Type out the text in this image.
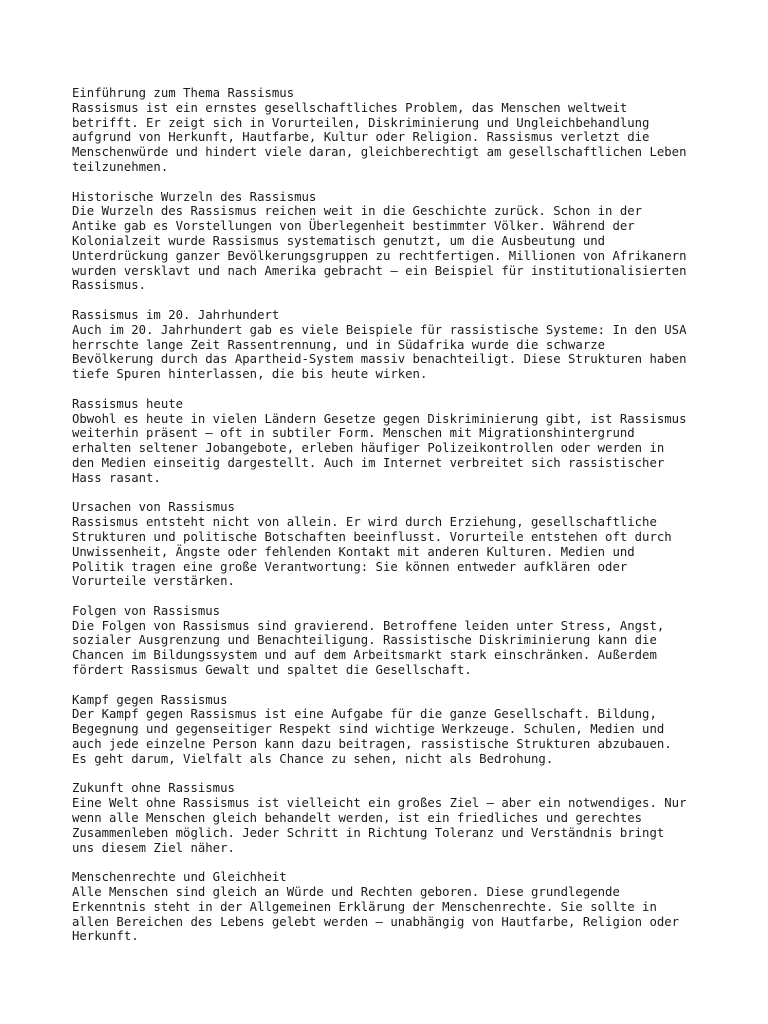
Einführung zum Thema Rassismus
Rassismus ist ein ernstes gesellschaftliches Problem, das Menschen weltweit
betrifft. Er zeigt sich in Vorurteilen, Diskriminierung und Ungleichbehandlung
aufgrund von Herkunft, Hautfarbe, Kultur oder Religion. Rassismus verletzt die
Menschenwürde und hindert viele daran, gleichberechtigt am gesellschaftlichen Leben
teilzunehmen.
Historische Wurzeln des Rassismus
Die Wurzeln des Rassismus reichen weit in die Geschichte zurück. Schon in der
Antike gab es Vorstellungen von Überlegenheit bestimmter Völker. Während der
Kolonialzeit wurde Rassismus systematisch genutzt, um die Ausbeutung und
Unterdrückung ganzer Bevölkerungsgruppen zu rechtfertigen. Millionen von Afrikanern
wurden versklavt und nach Amerika gebracht – ein Beispiel für institutionalisierten
Rassismus.
Rassismus im 20. Jahrhundert
Auch im 20. Jahrhundert gab es viele Beispiele für rassistische Systeme: In den USA
herrschte lange Zeit Rassentrennung, und in Südafrika wurde die schwarze
Bevölkerung durch das Apartheid-System massiv benachteiligt. Diese Strukturen haben
tiefe Spuren hinterlassen, die bis heute wirken.
Rassismus heute
Obwohl es heute in vielen Ländern Gesetze gegen Diskriminierung gibt, ist Rassismus
weiterhin präsent – oft in subtiler Form. Menschen mit Migrationshintergrund
erhalten seltener Jobangebote, erleben häufiger Polizeikontrollen oder werden in
den Medien einseitig dargestellt. Auch im Internet verbreitet sich rassistischer
Hass rasant.
Ursachen von Rassismus
Rassismus entsteht nicht von allein. Er wird durch Erziehung, gesellschaftliche
Strukturen und politische Botschaften beeinflusst. Vorurteile entstehen oft durch
Unwissenheit, Ängste oder fehlenden Kontakt mit anderen Kulturen. Medien und
Politik tragen eine große Verantwortung: Sie können entweder aufklären oder
Vorurteile verstärken.
Folgen von Rassismus
Die Folgen von Rassismus sind gravierend. Betroffene leiden unter Stress, Angst,
sozialer Ausgrenzung und Benachteiligung. Rassistische Diskriminierung kann die
Chancen im Bildungssystem und auf dem Arbeitsmarkt stark einschränken. Außerdem
fördert Rassismus Gewalt und spaltet die Gesellschaft.
Kampf gegen Rassismus
Der Kampf gegen Rassismus ist eine Aufgabe für die ganze Gesellschaft. Bildung,
Begegnung und gegenseitiger Respekt sind wichtige Werkzeuge. Schulen, Medien und
auch jede einzelne Person kann dazu beitragen, rassistische Strukturen abzubauen.
Es geht darum, Vielfalt als Chance zu sehen, nicht als Bedrohung.
Zukunft ohne Rassismus
Eine Welt ohne Rassismus ist vielleicht ein großes Ziel – aber ein notwendiges. Nur
wenn alle Menschen gleich behandelt werden, ist ein friedliches und gerechtes
Zusammenleben möglich. Jeder Schritt in Richtung Toleranz und Verständnis bringt
uns diesem Ziel näher.
Menschenrechte und Gleichheit
Alle Menschen sind gleich an Würde und Rechten geboren. Diese grundlegende
Erkenntnis steht in der Allgemeinen Erklärung der Menschenrechte. Sie sollte in
allen Bereichen des Lebens gelebt werden – unabhängig von Hautfarbe, Religion oder
Herkunft.
